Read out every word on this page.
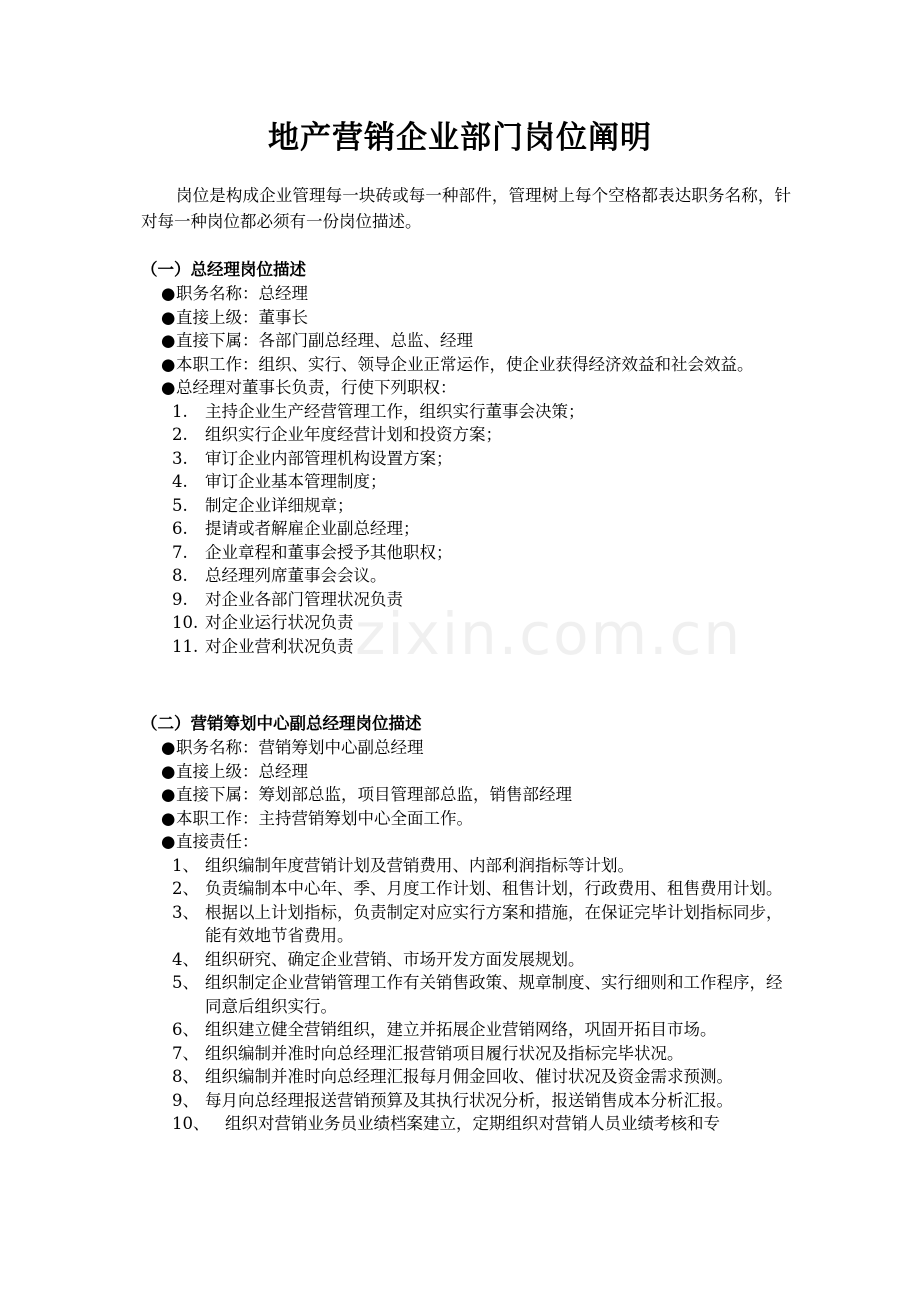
地产营销企业部门岗位阐明
岗位是构成企业管理每一块砖或每一种部件，管理树上每个空格都表达职务名称，针对每一种岗位都必须有一份岗位描述。
（一）总经理岗位描述
● 职务名称：总经理
● 直接上级：董事长
● 直接下属：各部门副总经理、总监、经理
● 本职工作：组织、实行、领导企业正常运作，使企业获得经济效益和社会效益。
● 总经理对董事长负责，行使下列职权：
1. 主持企业生产经营管理工作，组织实行董事会决策；
2. 组织实行企业年度经营计划和投资方案；
3. 审订企业内部管理机构设置方案；
4. 审订企业基本管理制度；
5. 制定企业详细规章；
6. 提请或者解雇企业副总经理；
7. 企业章程和董事会授予其他职权；
8. 总经理列席董事会会议。
9. 对企业各部门管理状况负责
10. 对企业运行状况负责
11. 对企业营利状况负责
（二）营销筹划中心副总经理岗位描述
● 职务名称：营销筹划中心副总经理
● 直接上级：总经理
● 直接下属：筹划部总监，项目管理部总监，销售部经理
● 本职工作：主持营销筹划中心全面工作。
● 直接责任：
1、 组织编制年度营销计划及营销费用、内部利润指标等计划。
2、 负责编制本中心年、季、月度工作计划、租售计划，行政费用、租售费用计划。
3、 根据以上计划指标，负责制定对应实行方案和措施，在保证完毕计划指标同步，能有效地节省费用。
4、 组织研究、确定企业营销、市场开发方面发展规划。
5、 组织制定企业营销管理工作有关销售政策、规章制度、实行细则和工作程序，经同意后组织实行。
6、 组织建立健全营销组织，建立并拓展企业营销网络，巩固开拓目市场。
7、 组织编制并准时向总经理汇报营销项目履行状况及指标完毕状况。
8、 组织编制并准时向总经理汇报每月佣金回收、催讨状况及资金需求预测。
9、 每月向总经理报送营销预算及其执行状况分析，报送销售成本分析汇报。
10、 组织对营销业务员业绩档案建立，定期组织对营销人员业绩考核和专
zixin.com.cn
